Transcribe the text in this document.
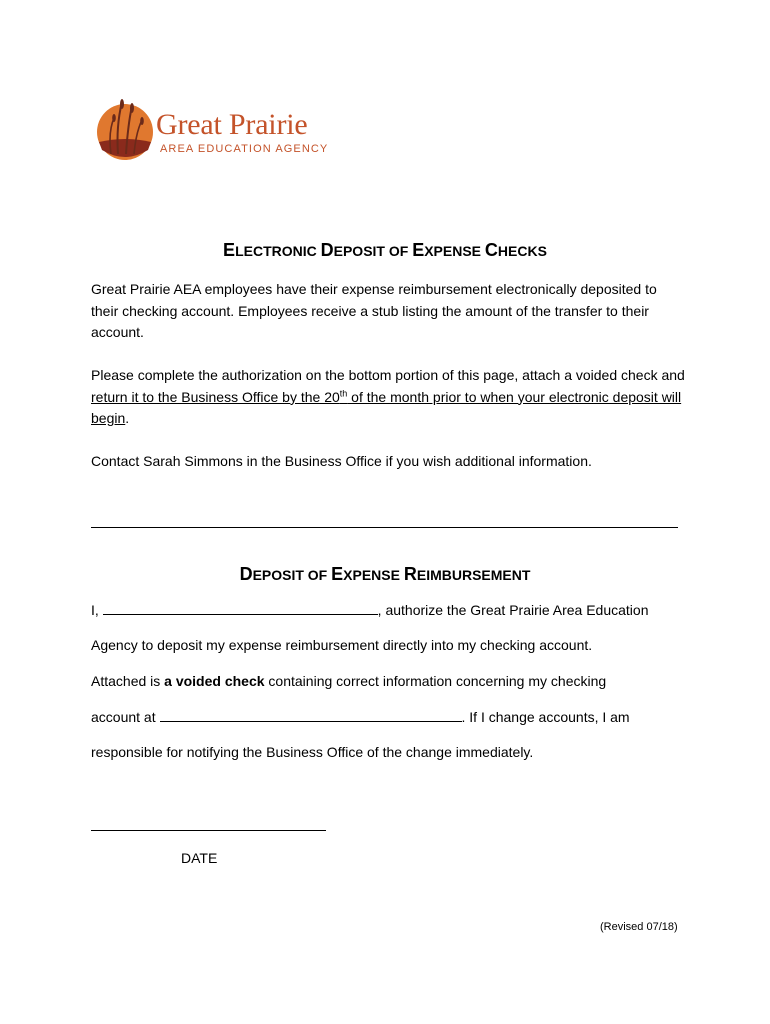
Great Prairie
AREA EDUCATION AGENCY
ELECTRONIC DEPOSIT OF EXPENSE CHECKS
Great Prairie AEA employees have their expense reimbursement electronically deposited to their checking account. Employees receive a stub listing the amount of the transfer to their account.
Please complete the authorization on the bottom portion of this page, attach a voided check and return it to the Business Office by the 20th of the month prior to when your electronic deposit will begin.
Contact Sarah Simmons in the Business Office if you wish additional information.
DEPOSIT OF EXPENSE REIMBURSEMENT
I,	, authorize the Great Prairie Area Education
Agency to deposit my expense reimbursement directly into my checking account.
Attached is a voided check containing correct information concerning my checking
account at	. If I change accounts, I am
responsible for notifying the Business Office of the change immediately.
DATE
(Revised 07/18)
